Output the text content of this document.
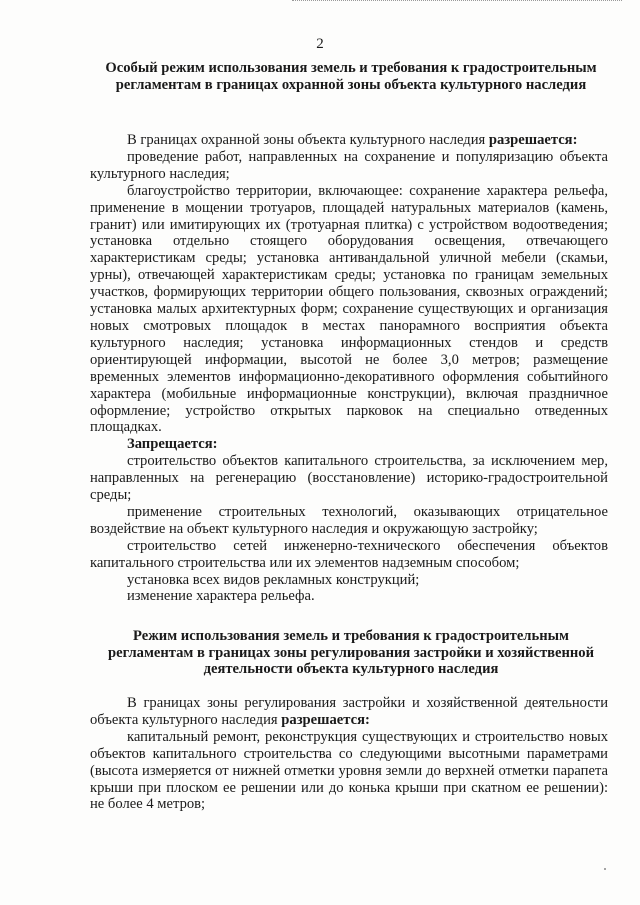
2
Особый режим использования земель и требования к градостроительным регламентам в границах охранной зоны объекта культурного наследия

В границах охранной зоны объекта культурного наследия разрешается:

проведение работ, направленных на сохранение и популяризацию объекта культурного наследия;

благоустройство территории, включающее: сохранение характера рельефа, применение в мощении тротуаров, площадей натуральных материалов (камень, гранит) или имитирующих их (тротуарная плитка) с устройством водоотведения; установка отдельно стоящего оборудования освещения, отвечающего характеристикам среды; установка антивандальной уличной мебели (скамьи, урны), отвечающей характеристикам среды; установка по границам земельных участков, формирующих территории общего пользования, сквозных ограждений; установка малых архитектурных форм; сохранение существующих и организация новых смотровых площадок в местах панорамного восприятия объекта культурного наследия; установка информационных стендов и средств ориентирующей информации, высотой не более 3,0 метров; размещение временных элементов информационно-декоративного оформления событийного характера (мобильные информационные конструкции), включая праздничное оформление; устройство открытых парковок на специально отведенных площадках.

Запрещается:

строительство объектов капитального строительства, за исключением мер, направленных на регенерацию (восстановление) историко-градостроительной среды;

применение строительных технологий, оказывающих отрицательное воздействие на объект культурного наследия и окружающую застройку;

строительство сетей инженерно-технического обеспечения объектов капитального строительства или их элементов надземным способом;

установка всех видов рекламных конструкций;

изменение характера рельефа.

Режим использования земель и требования к градостроительным регламентам в границах зоны регулирования застройки и хозяйственной деятельности объекта культурного наследия

В границах зоны регулирования застройки и хозяйственной деятельности объекта культурного наследия разрешается:

капитальный ремонт, реконструкция существующих и строительство новых объектов капитального строительства со следующими высотными параметрами (высота измеряется от нижней отметки уровня земли до верхней отметки парапета крыши при плоском ее решении или до конька крыши при скатном ее решении): не более 4 метров;
